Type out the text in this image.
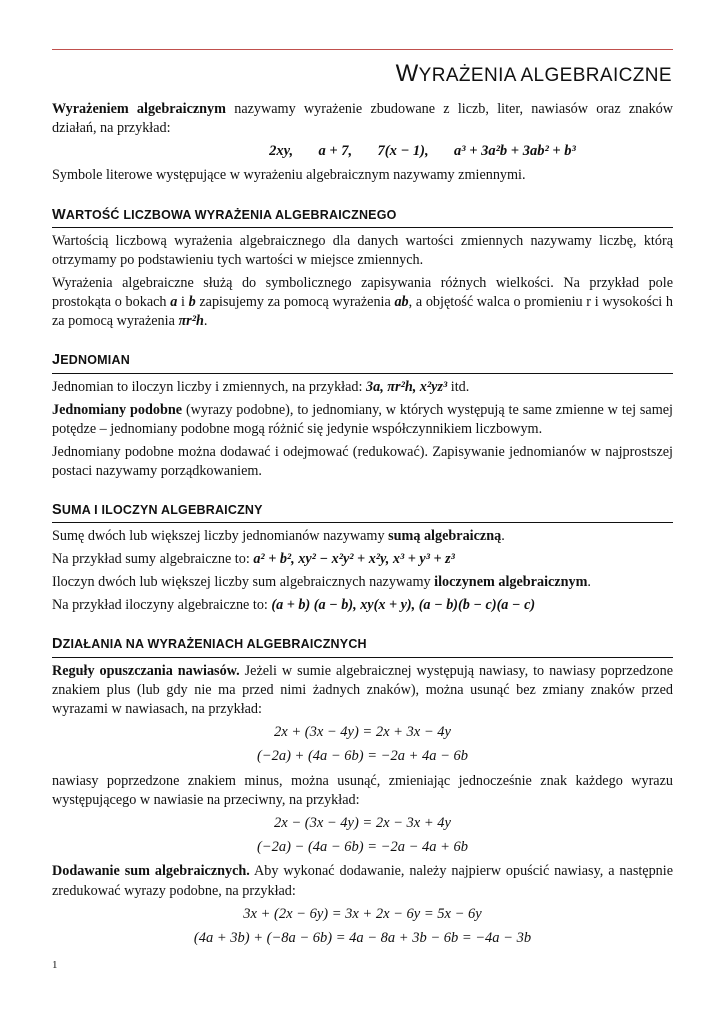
WYRAŻENIA ALGEBRAICZNE

Wyrażeniem algebraicznym nazywamy wyrażenie zbudowane z liczb, liter, nawiasów oraz znaków działań, na przykład:

2xy, a + 7, 7(x − 1), a³ + 3a²b + 3ab² + b³

Symbole literowe występujące w wyrażeniu algebraicznym nazywamy zmiennymi.

WARTOŚĆ LICZBOWA WYRAŻENIA ALGEBRAICZNEGO

Wartością liczbową wyrażenia algebraicznego dla danych wartości zmiennych nazywamy liczbę, którą otrzymamy po podstawieniu tych wartości w miejsce zmiennych.

Wyrażenia algebraiczne służą do symbolicznego zapisywania różnych wielkości. Na przykład pole prostokąta o bokach a i b zapisujemy za pomocą wyrażenia ab, a objętość walca o promieniu r i wysokości h za pomocą wyrażenia πr²h.

JEDNOMIAN

Jednomian to iloczyn liczby i zmiennych, na przykład: 3a, πr²h, x²yz³ itd.

Jednomiany podobne (wyrazy podobne), to jednomiany, w których występują te same zmienne w tej samej potędze – jednomiany podobne mogą różnić się jedynie współczynnikiem liczbowym.

Jednomiany podobne można dodawać i odejmować (redukować). Zapisywanie jednomianów w najprostszej postaci nazywamy porządkowaniem.

SUMA I ILOCZYN ALGEBRAICZNY

Sumę dwóch lub większej liczby jednomianów nazywamy sumą algebraiczną.

Na przykład sumy algebraiczne to: a² + b², xy² − x²y² + x²y, x³ + y³ + z³

Iloczyn dwóch lub większej liczby sum algebraicznych nazywamy iloczynem algebraicznym.

Na przykład iloczyny algebraiczne to: (a + b) (a − b), xy(x + y), (a − b)(b − c)(a − c)

DZIAŁANIA NA WYRAŻENIACH ALGEBRAICZNYCH

Reguły opuszczania nawiasów. Jeżeli w sumie algebraicznej występują nawiasy, to nawiasy poprzedzone znakiem plus (lub gdy nie ma przed nimi żadnych znaków), można usunąć bez zmiany znaków przed wyrazami w nawiasach, na przykład:

2x + (3x − 4y) = 2x + 3x − 4y
(−2a) + (4a − 6b) = −2a + 4a − 6b

nawiasy poprzedzone znakiem minus, można usunąć, zmieniając jednocześnie znak każdego wyrazu występującego w nawiasie na przeciwny, na przykład:

2x − (3x − 4y) = 2x − 3x + 4y
(−2a) − (4a − 6b) = −2a − 4a + 6b

Dodawanie sum algebraicznych. Aby wykonać dodawanie, należy najpierw opuścić nawiasy, a następnie zredukować wyrazy podobne, na przykład:

3x + (2x − 6y) = 3x + 2x − 6y = 5x − 6y
(4a + 3b) + (−8a − 6b) = 4a − 8a + 3b − 6b = −4a − 3b
1
